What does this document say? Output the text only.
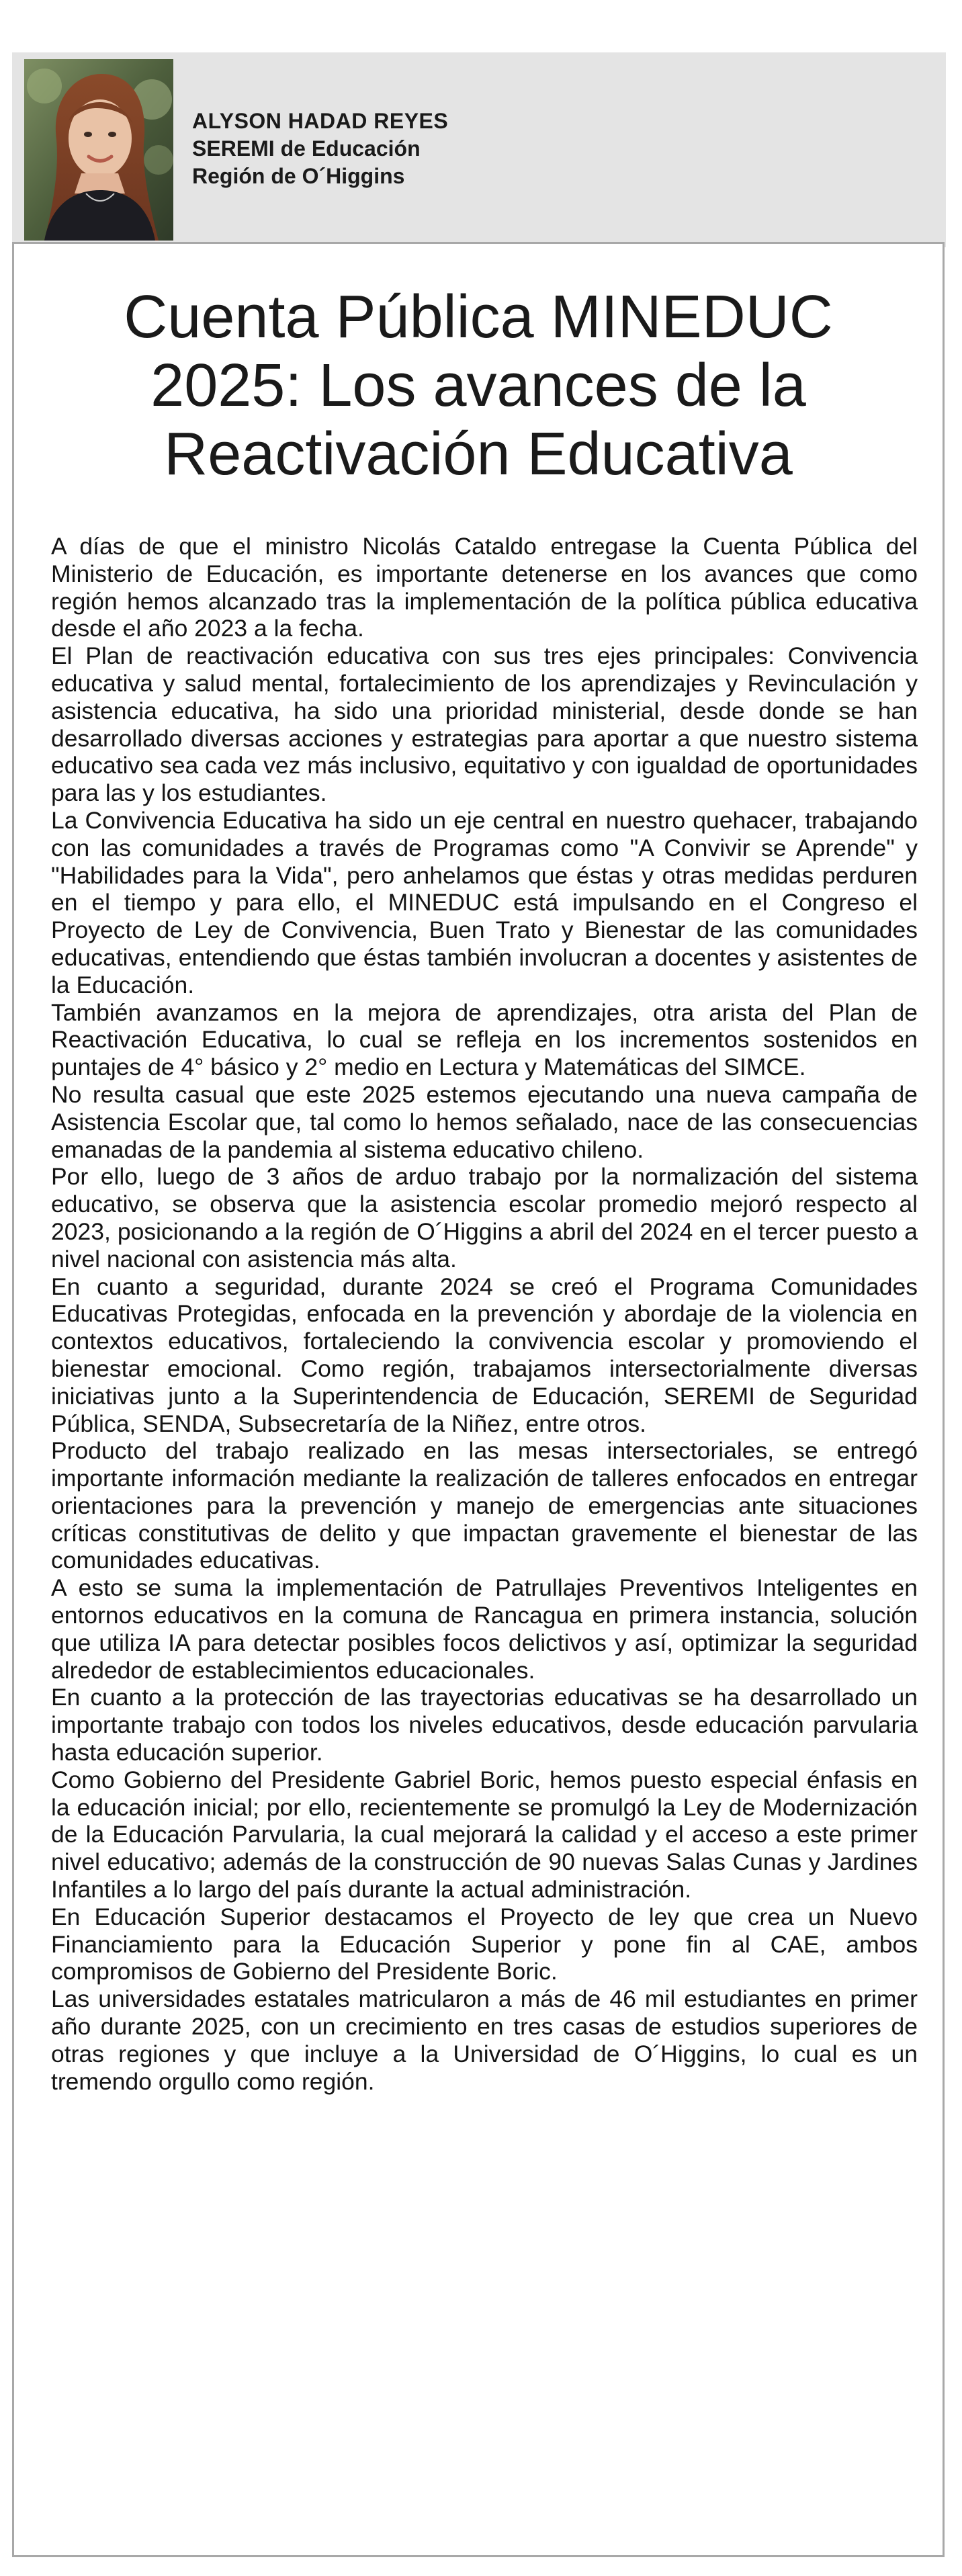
ALYSON HADAD REYES
SEREMI de Educación
Región de O´Higgins
Cuenta Pública MINEDUC
2025: Los avances de la
Reactivación Educativa

A días de que el ministro Nicolás Cataldo entregase la Cuenta Pública del Ministerio de Educación, es importante detenerse en los avances que como región hemos alcanzado tras la implementación de la política pública educativa desde el año 2023 a la fecha.

El Plan de reactivación educativa con sus tres ejes principales: Convivencia educativa y salud mental, fortalecimiento de los aprendizajes y Revinculación y asistencia educativa, ha sido una prioridad ministerial, desde donde se han desarrollado diversas acciones y estrategias para aportar a que nuestro sistema educativo sea cada vez más inclusivo, equitativo y con igualdad de oportunidades para las y los estudiantes.

La Convivencia Educativa ha sido un eje central en nuestro quehacer, trabajando con las comunidades a través de Programas como "A Convivir se Aprende" y "Habilidades para la Vida", pero anhelamos que éstas y otras medidas perduren en el tiempo y para ello, el MINEDUC está impulsando en el Congreso el Proyecto de Ley de Convivencia, Buen Trato y Bienestar de las comunidades educativas, entendiendo que éstas también involucran a docentes y asistentes de la Educación.

También avanzamos en la mejora de aprendizajes, otra arista del Plan de Reactivación Educativa, lo cual se refleja en los incrementos sostenidos en puntajes de 4° básico y 2° medio en Lectura y Matemáticas del SIMCE.

No resulta casual que este 2025 estemos ejecutando una nueva campaña de Asistencia Escolar que, tal como lo hemos señalado, nace de las consecuencias emanadas de la pandemia al sistema educativo chileno.

Por ello, luego de 3 años de arduo trabajo por la normalización del sistema educativo, se observa que la asistencia escolar promedio mejoró respecto al 2023, posicionando a la región de O´Higgins a abril del 2024 en el tercer puesto a nivel nacional con asistencia más alta.

En cuanto a seguridad, durante 2024 se creó el Programa Comunidades Educativas Protegidas, enfocada en la prevención y abordaje de la violencia en contextos educativos, fortaleciendo la convivencia escolar y promoviendo el bienestar emocional. Como región, trabajamos intersectorialmente diversas iniciativas junto a la Superintendencia de Educación, SEREMI de Seguridad Pública, SENDA, Subsecretaría de la Niñez, entre otros.

Producto del trabajo realizado en las mesas intersectoriales, se entregó importante información mediante la realización de talleres enfocados en entregar orientaciones para la prevención y manejo de emergencias ante situaciones críticas constitutivas de delito y que impactan gravemente el bienestar de las comunidades educativas.

A esto se suma la implementación de Patrullajes Preventivos Inteligentes en entornos educativos en la comuna de Rancagua en primera instancia, solución que utiliza IA para detectar posibles focos delictivos y así, optimizar la seguridad alrededor de establecimientos educacionales.

En cuanto a la protección de las trayectorias educativas se ha desarrollado un importante trabajo con todos los niveles educativos, desde educación parvularia hasta educación superior.

Como Gobierno del Presidente Gabriel Boric, hemos puesto especial énfasis en la educación inicial; por ello, recientemente se promulgó la Ley de Modernización de la Educación Parvularia, la cual mejorará la calidad y el acceso a este primer nivel educativo; además de la construcción de 90 nuevas Salas Cunas y Jardines Infantiles a lo largo del país durante la actual administración.

En Educación Superior destacamos el Proyecto de ley que crea un Nuevo Financiamiento para la Educación Superior y pone fin al CAE, ambos compromisos de Gobierno del Presidente Boric.

Las universidades estatales matricularon a más de 46 mil estudiantes en primer año durante 2025, con un crecimiento en tres casas de estudios superiores de otras regiones y que incluye a la Universidad de O´Higgins, lo cual es un tremendo orgullo como región.
